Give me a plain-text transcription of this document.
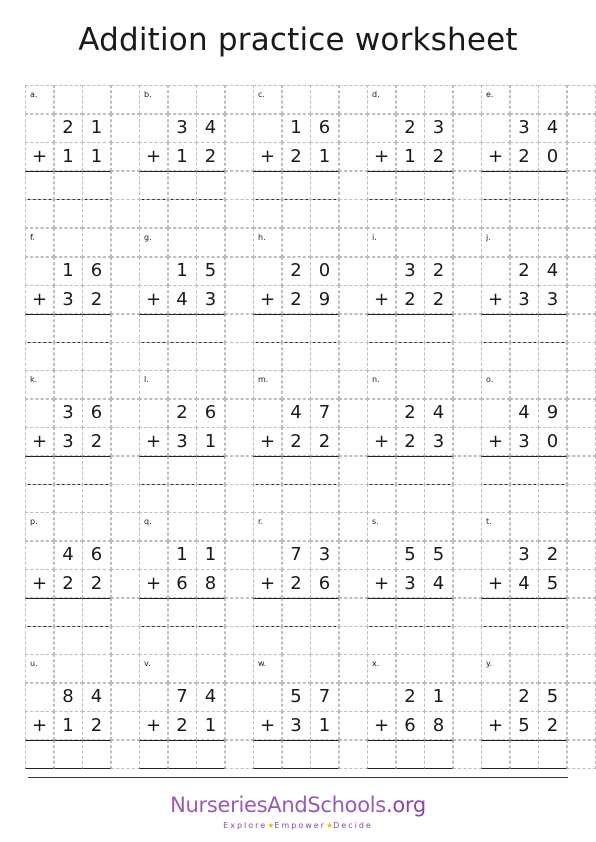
Addition practice worksheet
a.
2 1
+ 1 1
b.
3 4
+ 1 2
c.
1 6
+ 2 1
d.
2 3
+ 1 2
e.
3 4
+ 2 0
f.
1 6
+ 3 2
g.
1 5
+ 4 3
h.
2 0
+ 2 9
i.
3 2
+ 2 2
j.
2 4
+ 3 3
k.
3 6
+ 3 2
l.
2 6
+ 3 1
m.
4 7
+ 2 2
n.
2 4
+ 2 3
o.
4 9
+ 3 0
p.
4 6
+ 2 2
q.
1 1
+ 6 8
r.
7 3
+ 2 6
s.
5 5
+ 3 4
t.
3 2
+ 4 5
u.
8 4
+ 1 2
v.
7 4
+ 2 1
w.
5 7
+ 3 1
x.
2 1
+ 6 8
y.
2 5
+ 5 2
NurseriesAndSchools.org
Explore★Empower★Decide
